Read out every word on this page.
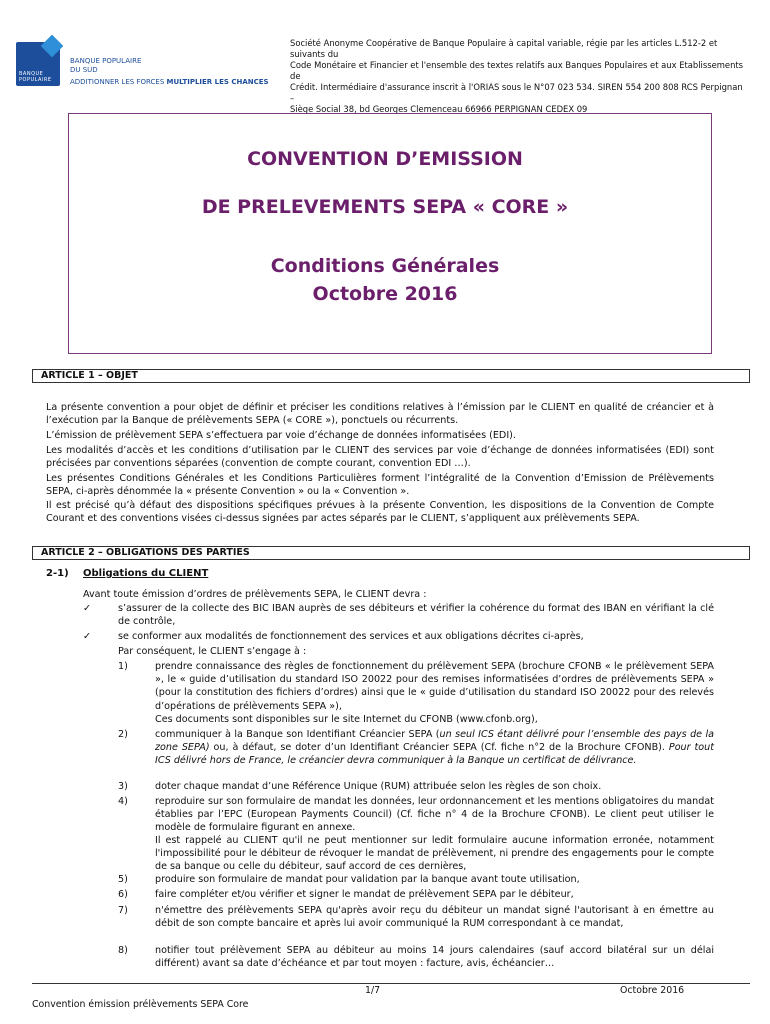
BANQUE
POPULAIRE
BANQUE POPULAIRE
DU SUD
ADDITIONNER LES FORCES MULTIPLIER LES CHANCES
Société Anonyme Coopérative de Banque Populaire à capital variable, régie par les articles L.512-2 et suivants du
Code Monétaire et Financier et l'ensemble des textes relatifs aux Banques Populaires et aux Etablissements de
Crédit. Intermédiaire d'assurance inscrit à l'ORIAS sous le N°07 023 534. SIREN 554 200 808 RCS Perpignan –
Siège Social 38, bd Georges Clemenceau 66966 PERPIGNAN CEDEX 09
CONVENTION D’EMISSION
DE PRELEVEMENTS SEPA « CORE »
Conditions Générales
Octobre 2016
ARTICLE 1 – OBJET
La présente convention a pour objet de définir et préciser les conditions relatives à l’émission par le CLIENT en qualité de créancier et à l’exécution par la Banque de prélèvements SEPA (« CORE »), ponctuels ou récurrents.
L’émission de prélèvement SEPA s’effectuera par voie d’échange de données informatisées (EDI).
Les modalités d’accès et les conditions d’utilisation par le CLIENT des services par voie d’échange de données informatisées (EDI) sont précisées par conventions séparées (convention de compte courant, convention EDI …).
Les présentes Conditions Générales et les Conditions Particulières forment l’intégralité de la Convention d’Emission de Prélèvements SEPA, ci-après dénommée la « présente Convention » ou la « Convention ».
Il est précisé qu’à défaut des dispositions spécifiques prévues à la présente Convention, les dispositions de la Convention de Compte Courant et des conventions visées ci-dessus signées par actes séparés par le CLIENT, s’appliquent aux prélèvements SEPA.
ARTICLE 2 – OBLIGATIONS DES PARTIES
2-1) Obligations du CLIENT
Avant toute émission d’ordres de prélèvements SEPA, le CLIENT devra :
✓	s’assurer de la collecte des BIC IBAN auprès de ses débiteurs et vérifier la cohérence du format des IBAN en vérifiant la clé de contrôle,
✓	se conformer aux modalités de fonctionnement des services et aux obligations décrites ci-après,
Par conséquent, le CLIENT s’engage à :
1)	prendre connaissance des règles de fonctionnement du prélèvement SEPA (brochure CFONB « le prélèvement SEPA », le « guide d’utilisation du standard ISO 20022 pour des remises informatisées d’ordres de prélèvements SEPA » (pour la constitution des fichiers d’ordres) ainsi que le « guide d’utilisation du standard ISO 20022 pour des relevés d’opérations de prélèvements SEPA »),
Ces documents sont disponibles sur le site Internet du CFONB (www.cfonb.org),
2)	communiquer à la Banque son Identifiant Créancier SEPA (un seul ICS étant délivré pour l’ensemble des pays de la zone SEPA) ou, à défaut, se doter d’un Identifiant Créancier SEPA (Cf. fiche n°2 de la Brochure CFONB). Pour tout ICS délivré hors de France, le créancier devra communiquer à la Banque un certificat de délivrance.
3)	doter chaque mandat d’une Référence Unique (RUM) attribuée selon les règles de son choix.
4)	reproduire sur son formulaire de mandat les données, leur ordonnancement et les mentions obligatoires du mandat établies par l’EPC (European Payments Council) (Cf. fiche n° 4 de la Brochure CFONB). Le client peut utiliser le modèle de formulaire figurant en annexe.
Il est rappelé au CLIENT qu'il ne peut mentionner sur ledit formulaire aucune information erronée, notamment l'impossibilité pour le débiteur de révoquer le mandat de prélèvement, ni prendre des engagements pour le compte de sa banque ou celle du débiteur, sauf accord de ces dernières,
5)	produire son formulaire de mandat pour validation par la banque avant toute utilisation,
6)	faire compléter et/ou vérifier et signer le mandat de prélèvement SEPA par le débiteur,
7)	n'émettre des prélèvements SEPA qu'après avoir reçu du débiteur un mandat signé l'autorisant à en émettre au débit de son compte bancaire et après lui avoir communiqué la RUM correspondant à ce mandat,
8)	notifier tout prélèvement SEPA au débiteur au moins 14 jours calendaires (sauf accord bilatéral sur un délai différent) avant sa date d’échéance et par tout moyen : facture, avis, échéancier…
1/7	Octobre 2016
Convention émission prélèvements SEPA Core
